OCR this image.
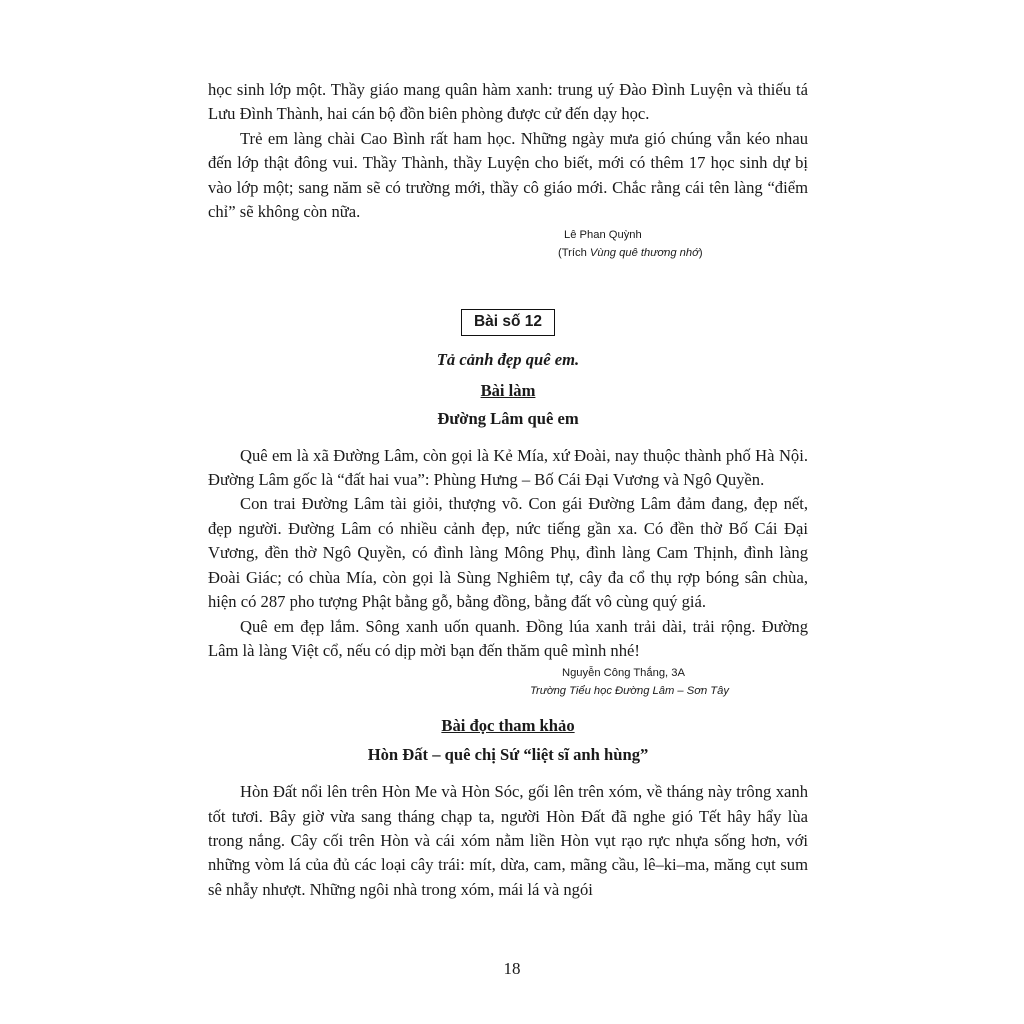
học sinh lớp một. Thầy giáo mang quân hàm xanh: trung uý Đào Đình Luyện và thiếu tá Lưu Đình Thành, hai cán bộ đồn biên phòng được cử đến dạy học.

Trẻ em làng chài Cao Bình rất ham học. Những ngày mưa gió chúng vẫn kéo nhau đến lớp thật đông vui. Thầy Thành, thầy Luyện cho biết, mới có thêm 17 học sinh dự bị vào lớp một; sang năm sẽ có trường mới, thầy cô giáo mới. Chắc rằng cái tên làng “điểm chỉ” sẽ không còn nữa.

Lê Phan Quỳnh
(Trích Vùng quê thương nhớ)
Bài số 12

Tả cảnh đẹp quê em.

Bài làm

Đường Lâm quê em

Quê em là xã Đường Lâm, còn gọi là Kẻ Mía, xứ Đoài, nay thuộc thành phố Hà Nội. Đường Lâm gốc là “đất hai vua”: Phùng Hưng – Bố Cái Đại Vương và Ngô Quyền.

Con trai Đường Lâm tài giỏi, thượng võ. Con gái Đường Lâm đảm đang, đẹp nết, đẹp người. Đường Lâm có nhiều cảnh đẹp, nức tiếng gần xa. Có đền thờ Bố Cái Đại Vương, đền thờ Ngô Quyền, có đình làng Mông Phụ, đình làng Cam Thịnh, đình làng Đoài Giác; có chùa Mía, còn gọi là Sùng Nghiêm tự, cây đa cổ thụ rợp bóng sân chùa, hiện có 287 pho tượng Phật bằng gỗ, bằng đồng, bằng đất vô cùng quý giá.

Quê em đẹp lắm. Sông xanh uốn quanh. Đồng lúa xanh trải dài, trải rộng. Đường Lâm là làng Việt cổ, nếu có dịp mời bạn đến thăm quê mình nhé!

Nguyễn Công Thắng, 3A
Trường Tiểu học Đường Lâm – Sơn Tây

Bài đọc tham khảo

Hòn Đất – quê chị Sứ “liệt sĩ anh hùng”

Hòn Đất nổi lên trên Hòn Me và Hòn Sóc, gối lên trên xóm, về tháng này trông xanh tốt tươi. Bây giờ vừa sang tháng chạp ta, người Hòn Đất đã nghe gió Tết hây hẩy lùa trong nắng. Cây cối trên Hòn và cái xóm nằm liền Hòn vụt rạo rực nhựa sống hơn, với những vòm lá của đủ các loại cây trái: mít, dừa, cam, mãng cầu, lê–ki–ma, măng cụt sum sê nhẫy nhượt. Những ngôi nhà trong xóm, mái lá và ngói

18
